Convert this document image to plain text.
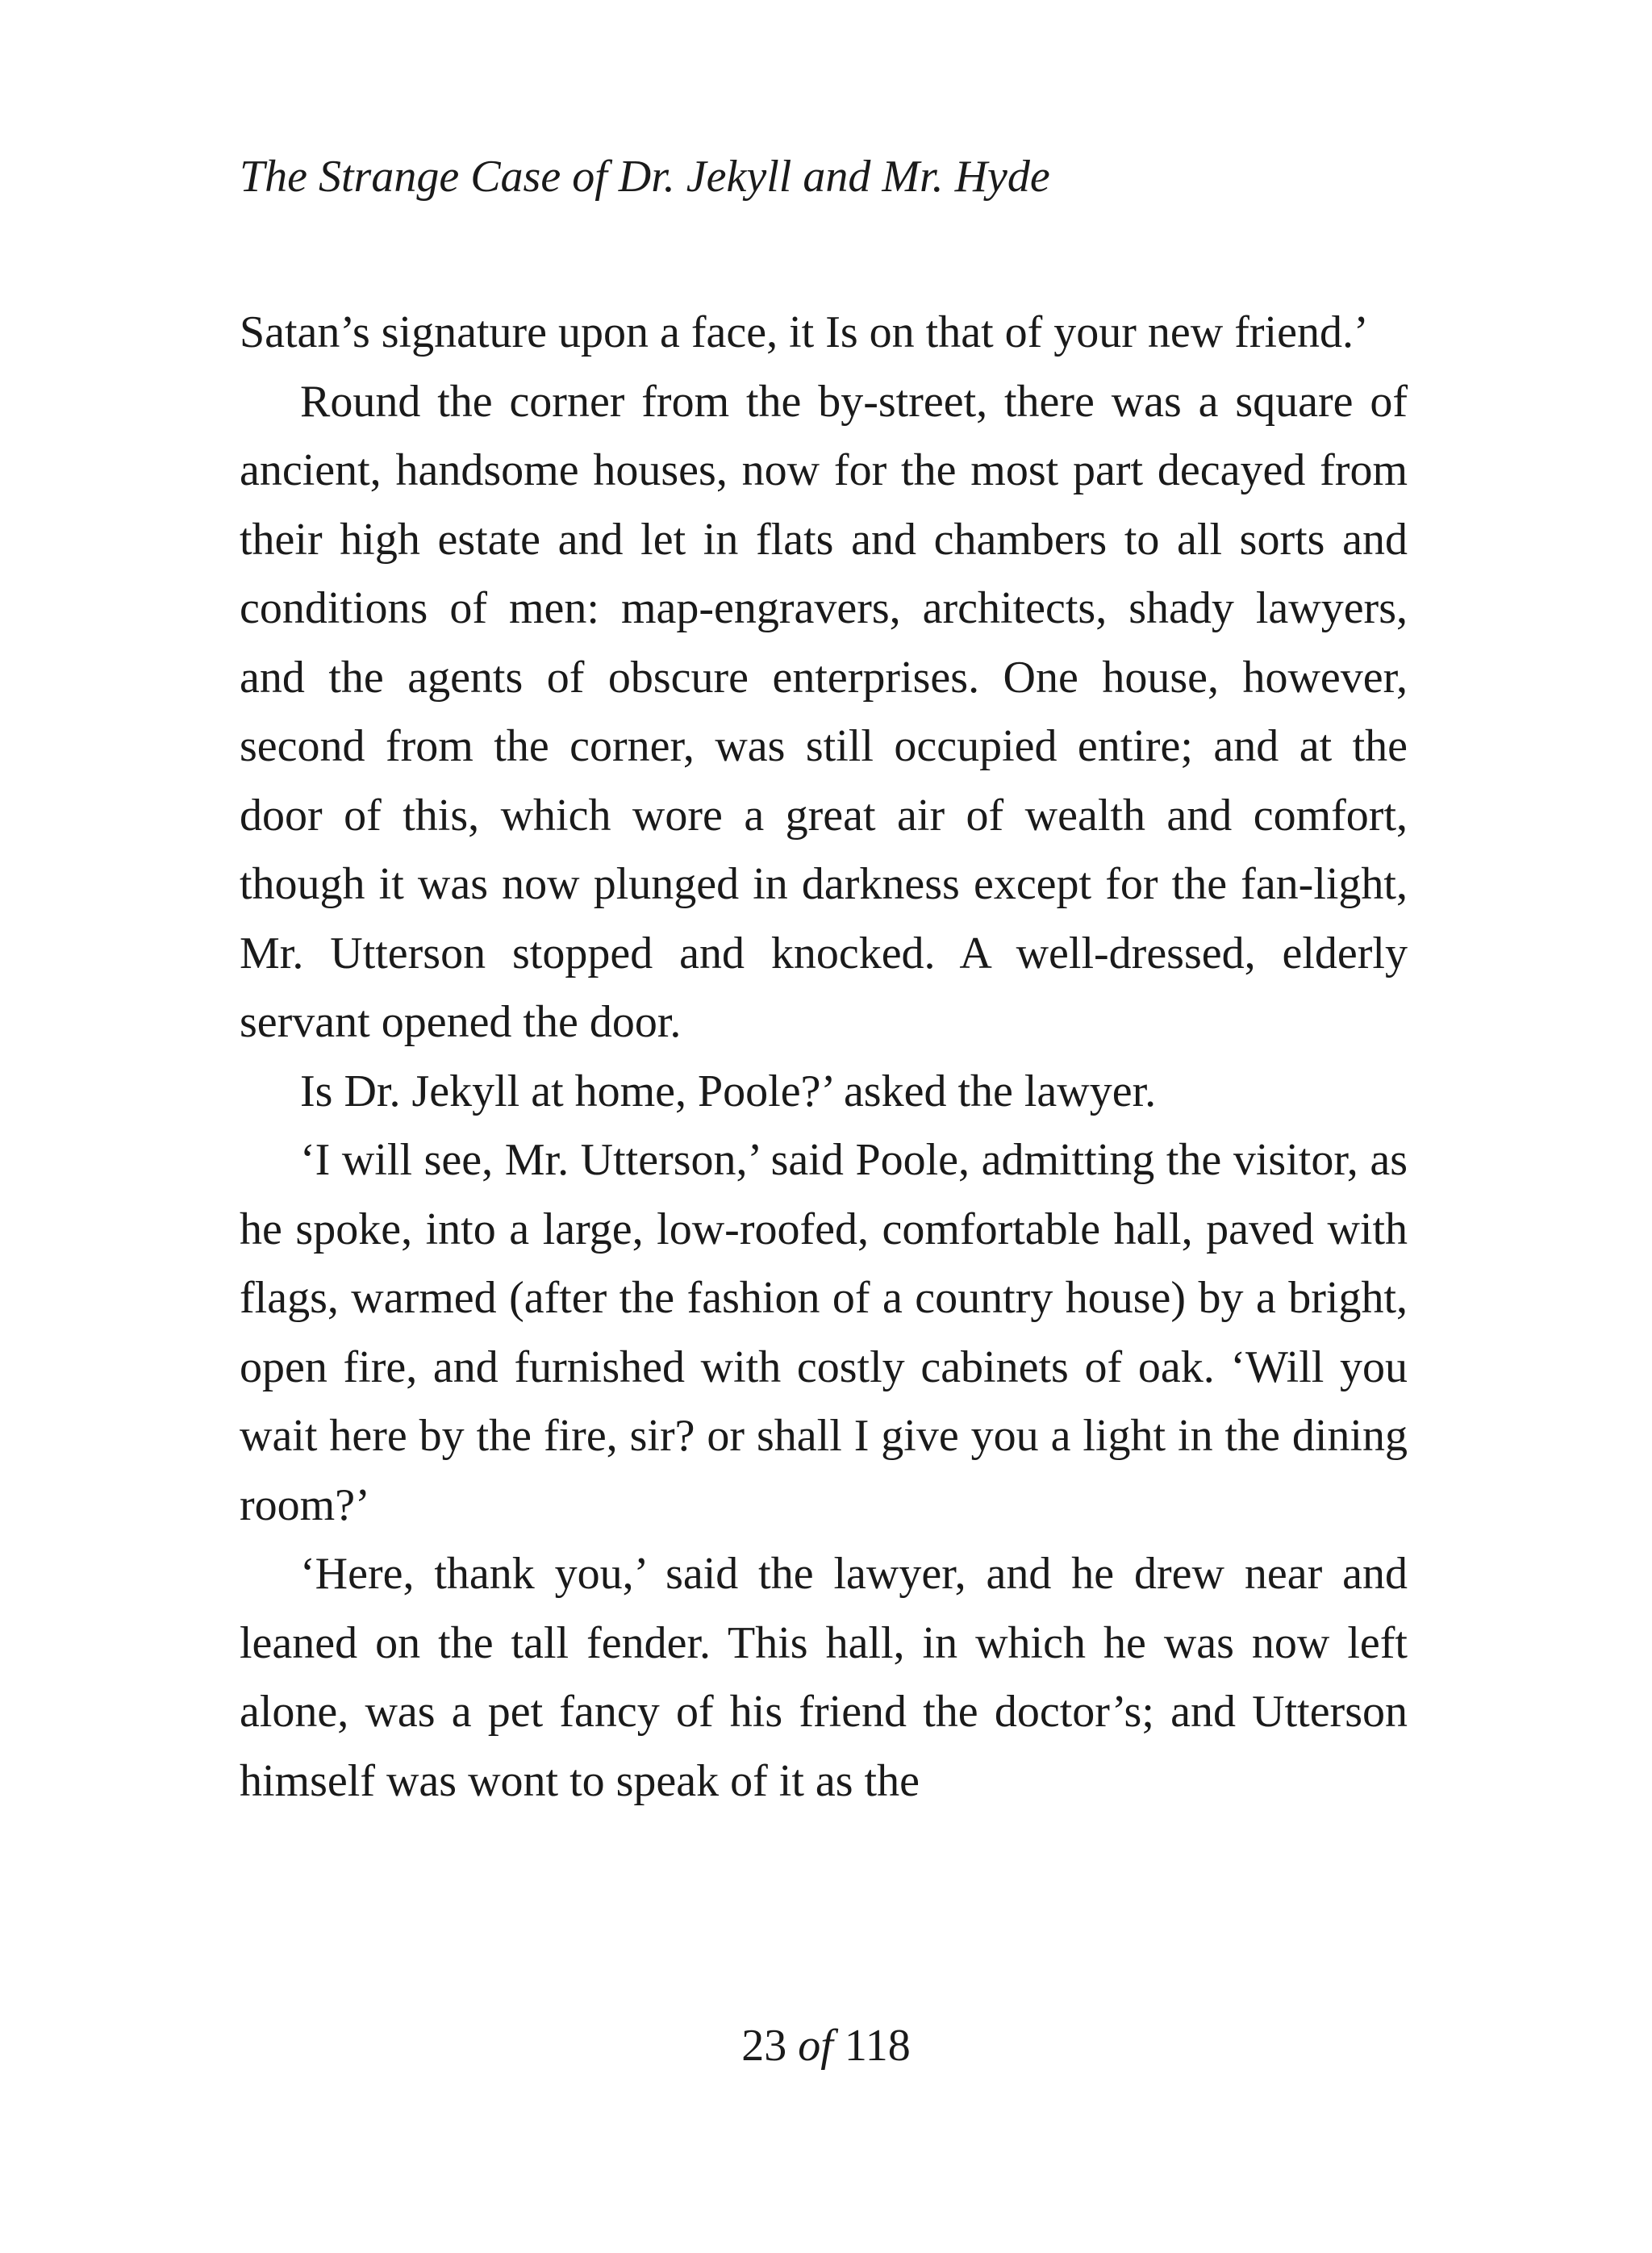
The Strange Case of Dr. Jekyll and Mr. Hyde

Satan’s signature upon a face, it Is on that of your new friend.’

Round the corner from the by-street, there was a square of ancient, handsome houses, now for the most part decayed from their high estate and let in flats and chambers to all sorts and conditions of men: map-engravers, architects, shady lawyers, and the agents of obscure enterprises. One house, however, second from the corner, was still occupied entire; and at the door of this, which wore a great air of wealth and comfort, though it was now plunged in darkness except for the fan-light, Mr. Utterson stopped and knocked. A well-dressed, elderly servant opened the door.

Is Dr. Jekyll at home, Poole?’ asked the lawyer.

‘I will see, Mr. Utterson,’ said Poole, admitting the visitor, as he spoke, into a large, low-roofed, comfortable hall, paved with flags, warmed (after the fashion of a country house) by a bright, open fire, and furnished with costly cabinets of oak. ‘Will you wait here by the fire, sir? or shall I give you a light in the dining room?’

‘Here, thank you,’ said the lawyer, and he drew near and leaned on the tall fender. This hall, in which he was now left alone, was a pet fancy of his friend the doctor’s; and Utterson himself was wont to speak of it as the

23 of 118
